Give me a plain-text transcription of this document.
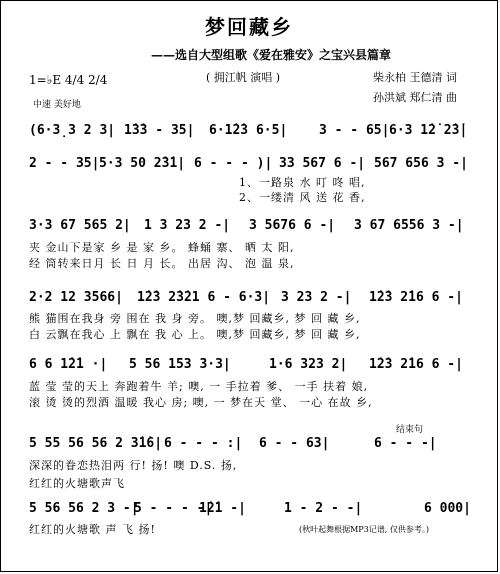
梦回藏乡
——选自大型组歌《爱在雅安》之宝兴县篇章
( 拥江帆 演唱 )	柴永柏 王德清 词
孙洪斌 郑仁清 曲
1=♭E 4/4 2/4
中速 美好地
(6·3̣3 2 3| 1̇3̇3 - 35| 6·1̇2̇3 6·5| 3 - - 65| 6·3 1̇2̇ 2̇3̇|
2 - - 35| 5·3 50 2̇3̇1| 6 - - - )| 33 567 6 -| 567 656 3 -|
1、一路泉 水 叮 咚 唱,
2、一缕清 风 送 花 香,
3·3 67 565 2| 1 3 23 2 -| 3 5676 6 -| 3 67 6556 3 -|
夹 金山下是家 乡 是 家 乡。 蜂蛹 寨、 晒 太 阳,
经 筒转来日月 长 日 月 长。 出居 沟、 泡 温 泉,
2·2 12 3566| 1̇2̇3 2̇3̇21 6 - 6·3| 3 23 2 -| 1̇2̇3 2̇16 6 -|
熊 猫围在我身 旁 围在 我 身 旁。 噢,梦 回藏乡, 梦 回 藏 乡,
白 云飘在我心 上 飘在 我 心 上。 噢,梦 回藏乡, 梦 回 藏 乡,
6 6 1̇2̇1 ·| 5 56 153 3·3|	1·6 323 2| 1̇2̇3 2̇16 6 -|
蓝 莹 莹的天上 奔跑着牛 羊; 噢, 一 手拉着 爹、 一手 扶着 娘,
滚 烫 烫的烈酒 温暖 我心 房; 噢, 一 梦在天 堂、 一心 在故 乡,
结束句
5 55 56 56 2 3̇1̇6| 6 - - - :| 6 - - 63|	6 - - -|
深深的眷恋热泪两 行! 扬! 噢 D.S. 扬,
红红的火塘歌声飞
5 56 56 2 3 -|
5 - - - -|
1̇2̇1 -|	1 - 2 - -|	6 000|
红红的火塘歌 声 飞 扬!	(秋叶起舞根据MP3记谱, 仅供参考。)
